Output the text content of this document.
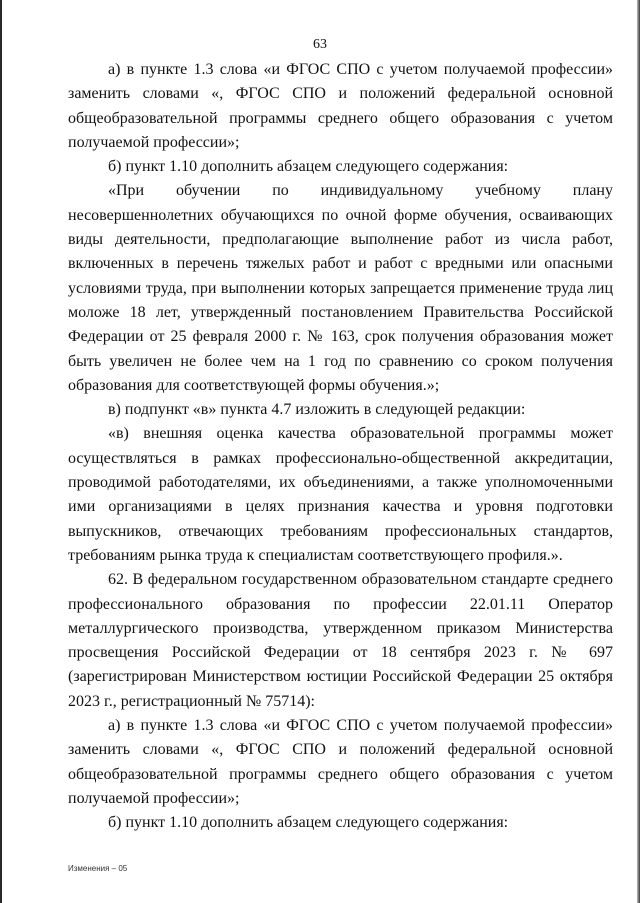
63

а) в пункте 1.3 слова «и ФГОС СПО с учетом получаемой профессии» заменить словами «, ФГОС СПО и положений федеральной основной общеобразовательной программы среднего общего образования с учетом получаемой профессии»;

б) пункт 1.10 дополнить абзацем следующего содержания:

«При обучении по индивидуальному учебному плану несовершеннолетних обучающихся по очной форме обучения, осваивающих виды деятельности, предполагающие выполнение работ из числа работ, включенных в перечень тяжелых работ и работ с вредными или опасными условиями труда, при выполнении которых запрещается применение труда лиц моложе 18 лет, утвержденный постановлением Правительства Российской Федерации от 25 февраля 2000 г. № 163, срок получения образования может быть увеличен не более чем на 1 год по сравнению со сроком получения образования для соответствующей формы обучения.»;

в) подпункт «в» пункта 4.7 изложить в следующей редакции:

«в) внешняя оценка качества образовательной программы может осуществляться в рамках профессионально-общественной аккредитации, проводимой работодателями, их объединениями, а также уполномоченными ими организациями в целях признания качества и уровня подготовки выпускников, отвечающих требованиям профессиональных стандартов, требованиям рынка труда к специалистам соответствующего профиля.».

62. В федеральном государственном образовательном стандарте среднего профессионального образования по профессии 22.01.11 Оператор металлургического производства, утвержденном приказом Министерства просвещения Российской Федерации от 18 сентября 2023 г. № 697 (зарегистрирован Министерством юстиции Российской Федерации 25 октября 2023 г., регистрационный № 75714):

а) в пункте 1.3 слова «и ФГОС СПО с учетом получаемой профессии» заменить словами «, ФГОС СПО и положений федеральной основной общеобразовательной программы среднего общего образования с учетом получаемой профессии»;

б) пункт 1.10 дополнить абзацем следующего содержания:

Изменения – 05
